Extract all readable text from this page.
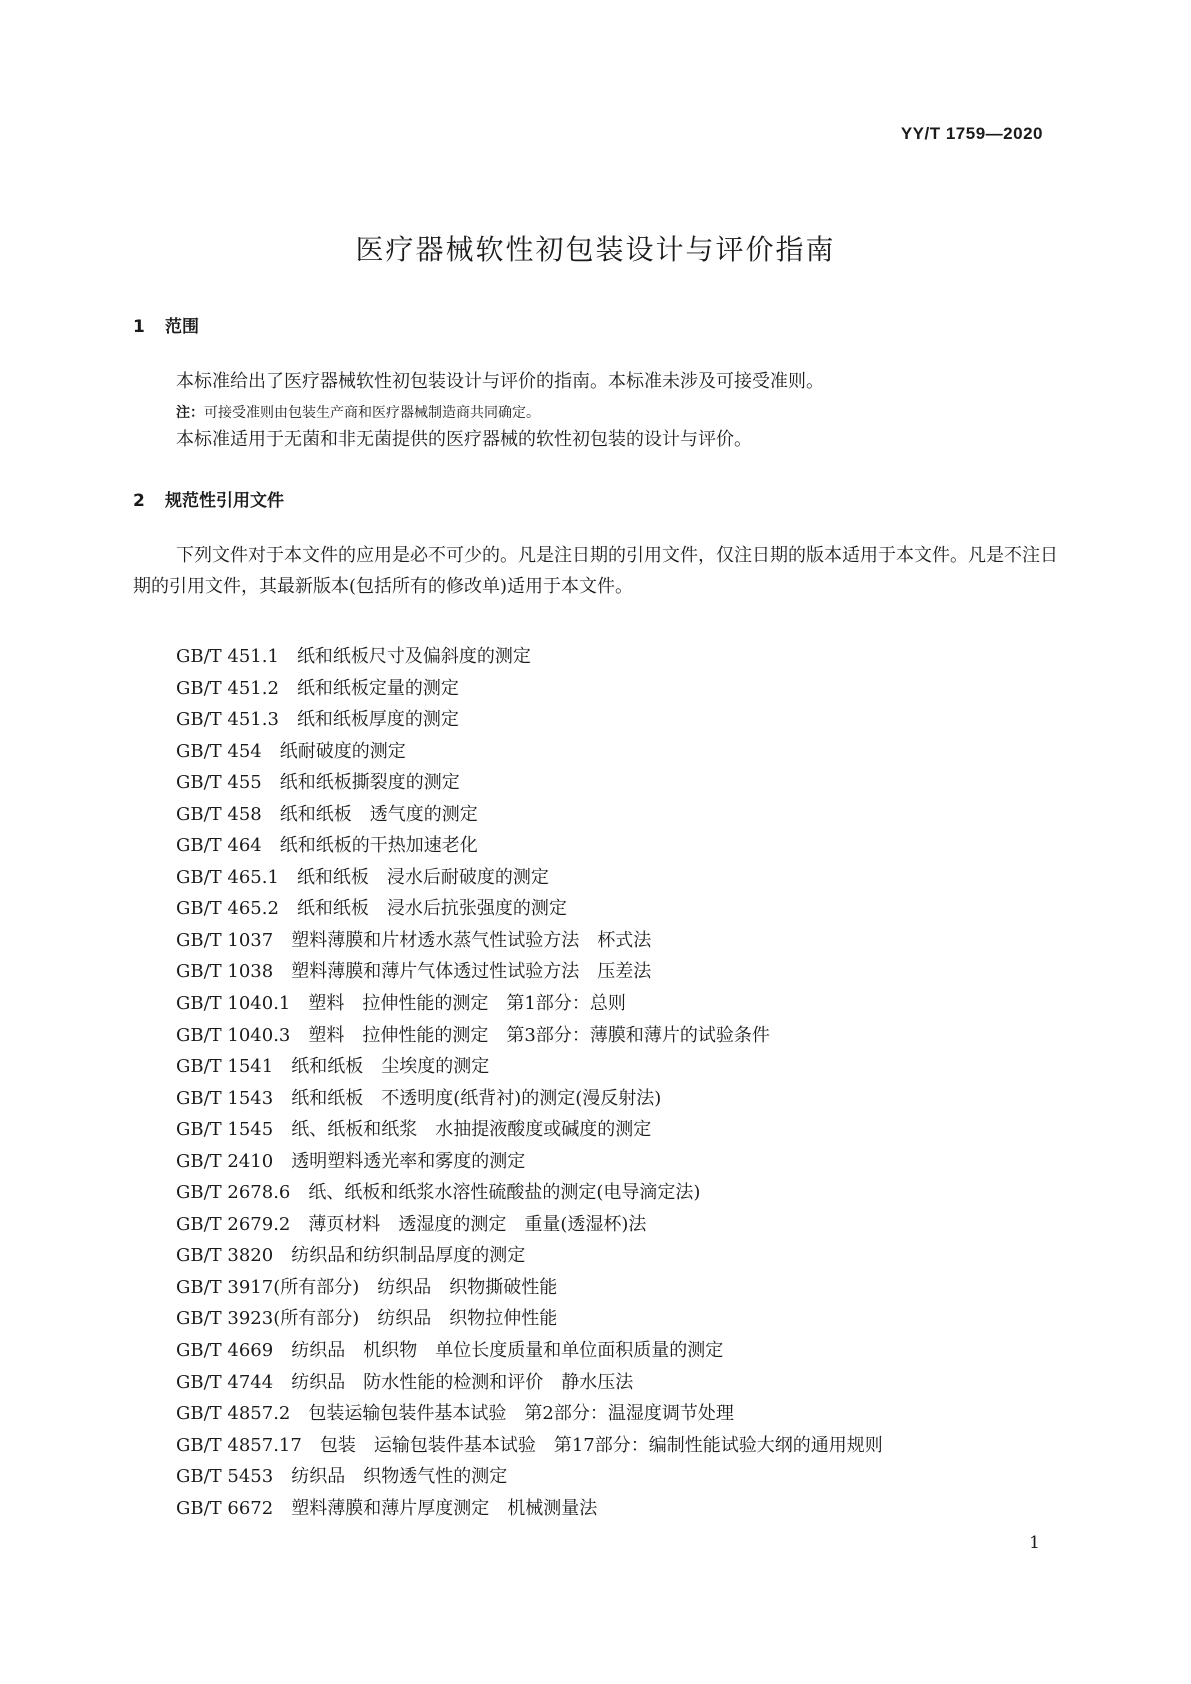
YY/T 1759—2020
医疗器械软性初包装设计与评价指南
1 范围
本标准给出了医疗器械软性初包装设计与评价的指南。本标准未涉及可接受准则。
注：可接受准则由包装生产商和医疗器械制造商共同确定。
本标准适用于无菌和非无菌提供的医疗器械的软性初包装的设计与评价。
2 规范性引用文件
下列文件对于本文件的应用是必不可少的。凡是注日期的引用文件，仅注日期的版本适用于本文件。凡是不注日期的引用文件，其最新版本(包括所有的修改单)适用于本文件。
GB/T 451.1 纸和纸板尺寸及偏斜度的测定
GB/T 451.2 纸和纸板定量的测定
GB/T 451.3 纸和纸板厚度的测定
GB/T 454 纸耐破度的测定
GB/T 455 纸和纸板撕裂度的测定
GB/T 458 纸和纸板　透气度的测定
GB/T 464 纸和纸板的干热加速老化
GB/T 465.1 纸和纸板　浸水后耐破度的测定
GB/T 465.2 纸和纸板　浸水后抗张强度的测定
GB/T 1037 塑料薄膜和片材透水蒸气性试验方法　杯式法
GB/T 1038 塑料薄膜和薄片气体透过性试验方法　压差法
GB/T 1040.1 塑料　拉伸性能的测定　第1部分：总则
GB/T 1040.3 塑料　拉伸性能的测定　第3部分：薄膜和薄片的试验条件
GB/T 1541 纸和纸板　尘埃度的测定
GB/T 1543 纸和纸板　不透明度(纸背衬)的测定(漫反射法)
GB/T 1545 纸、纸板和纸浆　水抽提液酸度或碱度的测定
GB/T 2410 透明塑料透光率和雾度的测定
GB/T 2678.6 纸、纸板和纸浆水溶性硫酸盐的测定(电导滴定法)
GB/T 2679.2 薄页材料　透湿度的测定　重量(透湿杯)法
GB/T 3820 纺织品和纺织制品厚度的测定
GB/T 3917(所有部分) 纺织品　织物撕破性能
GB/T 3923(所有部分) 纺织品　织物拉伸性能
GB/T 4669 纺织品　机织物　单位长度质量和单位面积质量的测定
GB/T 4744 纺织品　防水性能的检测和评价　静水压法
GB/T 4857.2 包装运输包装件基本试验　第2部分：温湿度调节处理
GB/T 4857.17 包装　运输包装件基本试验　第17部分：编制性能试验大纲的通用规则
GB/T 5453 纺织品　织物透气性的测定
GB/T 6672 塑料薄膜和薄片厚度测定　机械测量法
1
